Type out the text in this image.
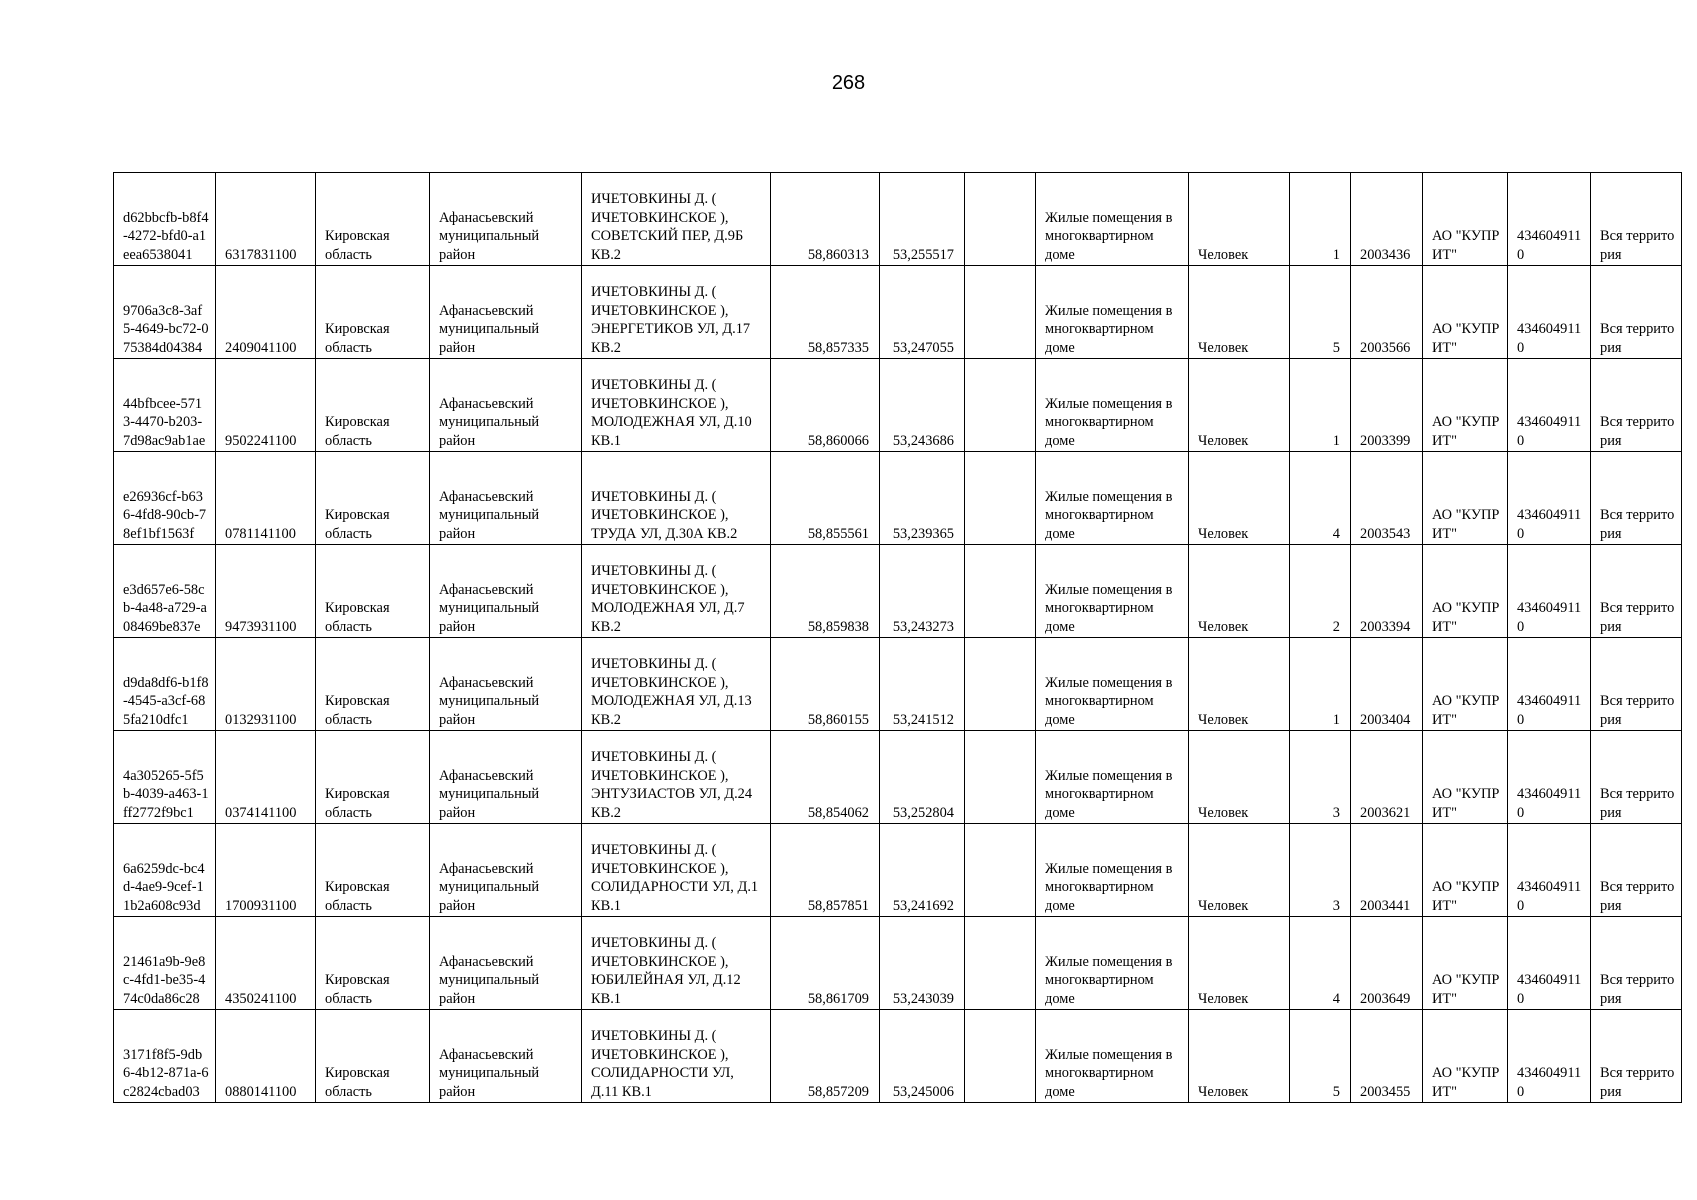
268
d62bbcfb-b8f4-4272-bfd0-a1eea6538041	6317831100	Кировская область	Афанасьевский муниципальный район	ИЧЕТОВКИНЫ Д. ( ИЧЕТОВКИНСКОЕ ), СОВЕТСКИЙ ПЕР, Д.9Б КВ.2	58,860313	53,255517		Жилые помещения в многоквартирном доме	Человек	1	2003436	АО "КУПРИТ"	4346049110	Вся территория
9706a3c8-3af5-4649-bc72-075384d04384	2409041100	Кировская область	Афанасьевский муниципальный район	ИЧЕТОВКИНЫ Д. ( ИЧЕТОВКИНСКОЕ ), ЭНЕРГЕТИКОВ УЛ, Д.17 КВ.2	58,857335	53,247055		Жилые помещения в многоквартирном доме	Человек	5	2003566	АО "КУПРИТ"	4346049110	Вся территория
44bfbcee-5713-4470-b203-7d98ac9ab1ae	9502241100	Кировская область	Афанасьевский муниципальный район	ИЧЕТОВКИНЫ Д. ( ИЧЕТОВКИНСКОЕ ), МОЛОДЕЖНАЯ УЛ, Д.10 КВ.1	58,860066	53,243686		Жилые помещения в многоквартирном доме	Человек	1	2003399	АО "КУПРИТ"	4346049110	Вся территория
e26936cf-b636-4fd8-90cb-78ef1bf1563f	0781141100	Кировская область	Афанасьевский муниципальный район	ИЧЕТОВКИНЫ Д. ( ИЧЕТОВКИНСКОЕ ), ТРУДА УЛ, Д.30А КВ.2	58,855561	53,239365		Жилые помещения в многоквартирном доме	Человек	4	2003543	АО "КУПРИТ"	4346049110	Вся территория
e3d657e6-58cb-4a48-a729-a08469be837e	9473931100	Кировская область	Афанасьевский муниципальный район	ИЧЕТОВКИНЫ Д. ( ИЧЕТОВКИНСКОЕ ), МОЛОДЕЖНАЯ УЛ, Д.7 КВ.2	58,859838	53,243273		Жилые помещения в многоквартирном доме	Человек	2	2003394	АО "КУПРИТ"	4346049110	Вся территория
d9da8df6-b1f8-4545-a3cf-685fa210dfc1	0132931100	Кировская область	Афанасьевский муниципальный район	ИЧЕТОВКИНЫ Д. ( ИЧЕТОВКИНСКОЕ ), МОЛОДЕЖНАЯ УЛ, Д.13 КВ.2	58,860155	53,241512		Жилые помещения в многоквартирном доме	Человек	1	2003404	АО "КУПРИТ"	4346049110	Вся территория
4a305265-5f5b-4039-a463-1ff2772f9bc1	0374141100	Кировская область	Афанасьевский муниципальный район	ИЧЕТОВКИНЫ Д. ( ИЧЕТОВКИНСКОЕ ), ЭНТУЗИАСТОВ УЛ, Д.24 КВ.2	58,854062	53,252804		Жилые помещения в многоквартирном доме	Человек	3	2003621	АО "КУПРИТ"	4346049110	Вся территория
6a6259dc-bc4d-4ae9-9cef-11b2a608c93d	1700931100	Кировская область	Афанасьевский муниципальный район	ИЧЕТОВКИНЫ Д. ( ИЧЕТОВКИНСКОЕ ), СОЛИДАРНОСТИ УЛ, Д.1 КВ.1	58,857851	53,241692		Жилые помещения в многоквартирном доме	Человек	3	2003441	АО "КУПРИТ"	4346049110	Вся территория
21461a9b-9e8c-4fd1-be35-474c0da86c28	4350241100	Кировская область	Афанасьевский муниципальный район	ИЧЕТОВКИНЫ Д. ( ИЧЕТОВКИНСКОЕ ), ЮБИЛЕЙНАЯ УЛ, Д.12 КВ.1	58,861709	53,243039		Жилые помещения в многоквартирном доме	Человек	4	2003649	АО "КУПРИТ"	4346049110	Вся территория
3171f8f5-9db6-4b12-871a-6c2824cbad03	0880141100	Кировская область	Афанасьевский муниципальный район	ИЧЕТОВКИНЫ Д. ( ИЧЕТОВКИНСКОЕ ), СОЛИДАРНОСТИ УЛ, Д.11 КВ.1	58,857209	53,245006		Жилые помещения в многоквартирном доме	Человек	5	2003455	АО "КУПРИТ"	4346049110	Вся территория
